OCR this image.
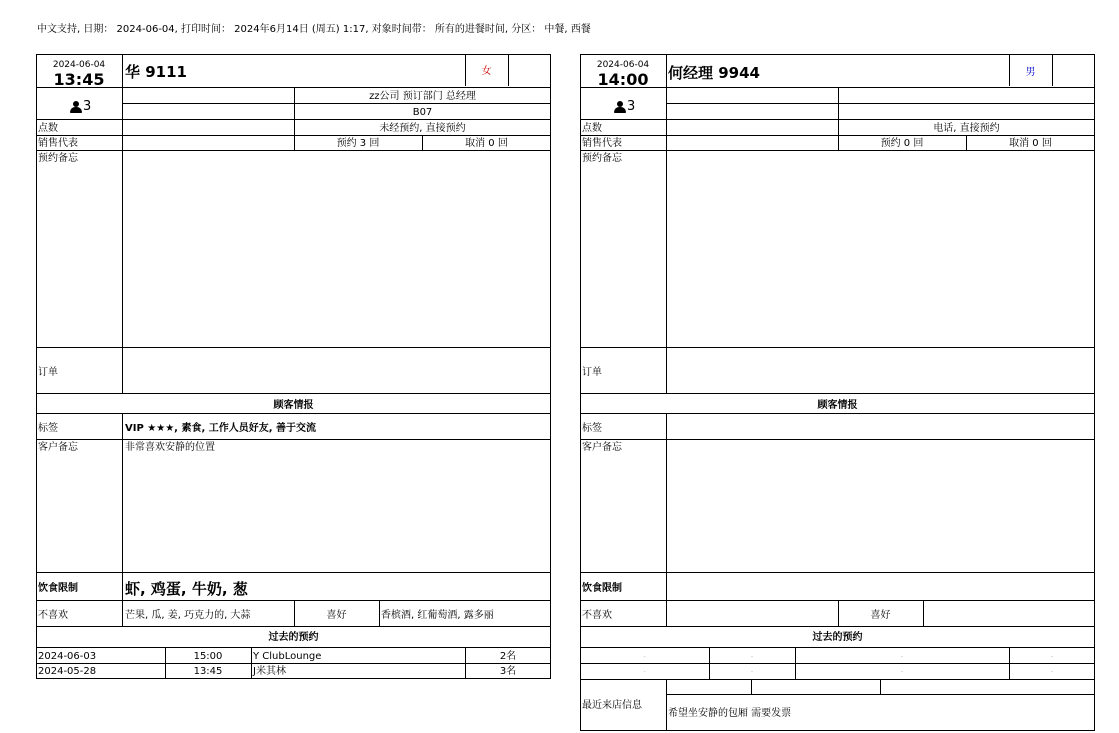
中文支持, 日期： 2024-06-04, 打印时间： 2024年6月14日 (周五) 1:17, 对象时间带： 所有的进餐时间, 分区： 中餐, 西餐
2024-06-04
13:45	华 9111	女
3
zz公司 预订部门 总经理
B07
点数	未经预约, 直接预约
销售代表	预约 3 回	取消 0 回
预约备忘
订单
顾客情报
标签	VIP ★★★, 素食, 工作人员好友, 善于交流
客户备忘	非常喜欢安静的位置
饮食限制	虾, 鸡蛋, 牛奶, 葱
不喜欢	芒果, 瓜, 姜, 巧克力的, 大蒜	喜好	香槟酒, 红葡萄酒, 露多丽
过去的预约
2024-06-03	15:00	Y ClubLounge	2名
2024-05-28	13:45	J米其林	3名
2024-06-04
14:00	何经理 9944	男
3
点数	电话, 直接预约
销售代表	预约 0 回	取消 0 回
预约备忘
订单
顾客情报
标签
客户备忘
饮食限制
不喜欢	喜好
过去的预约
-	-	-	-
-	-	-	-
最近来店信息
希望坐安静的包厢 需要发票
